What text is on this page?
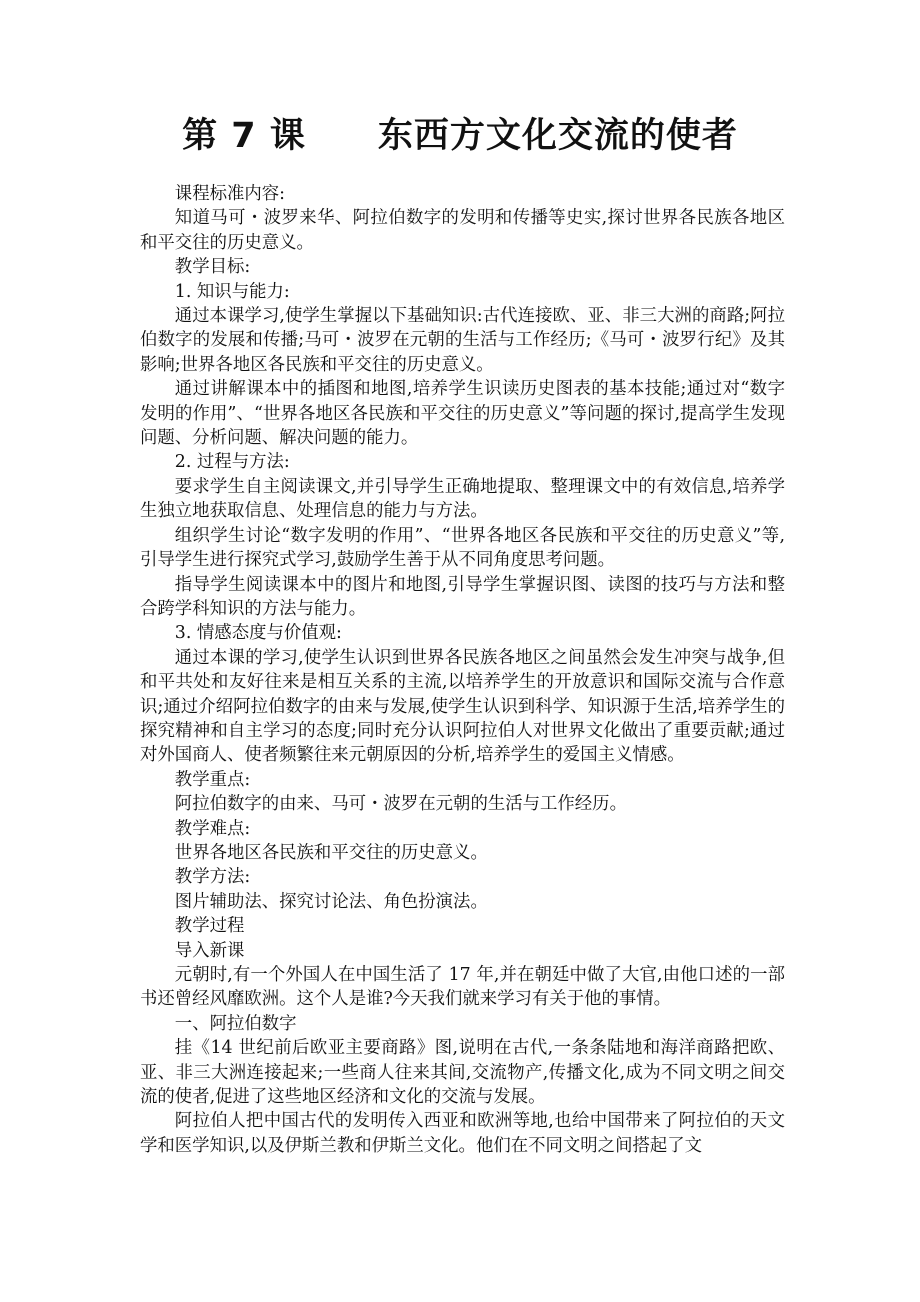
第 7 课　　东西方文化交流的使者

课程标准内容:

知道马可・波罗来华、阿拉伯数字的发明和传播等史实,探讨世界各民族各地区和平交往的历史意义。

教学目标:

1. 知识与能力:

通过本课学习,使学生掌握以下基础知识:古代连接欧、亚、非三大洲的商路;阿拉伯数字的发展和传播;马可・波罗在元朝的生活与工作经历;《马可・波罗行纪》及其影响;世界各地区各民族和平交往的历史意义。

通过讲解课本中的插图和地图,培养学生识读历史图表的基本技能;通过对“数字发明的作用”、“世界各地区各民族和平交往的历史意义”等问题的探讨,提高学生发现问题、分析问题、解决问题的能力。

2. 过程与方法:

要求学生自主阅读课文,并引导学生正确地提取、整理课文中的有效信息,培养学生独立地获取信息、处理信息的能力与方法。

组织学生讨论“数字发明的作用”、“世界各地区各民族和平交往的历史意义”等,引导学生进行探究式学习,鼓励学生善于从不同角度思考问题。

指导学生阅读课本中的图片和地图,引导学生掌握识图、读图的技巧与方法和整合跨学科知识的方法与能力。

3. 情感态度与价值观:

通过本课的学习,使学生认识到世界各民族各地区之间虽然会发生冲突与战争,但和平共处和友好往来是相互关系的主流,以培养学生的开放意识和国际交流与合作意识;通过介绍阿拉伯数字的由来与发展,使学生认识到科学、知识源于生活,培养学生的探究精神和自主学习的态度;同时充分认识阿拉伯人对世界文化做出了重要贡献;通过对外国商人、使者频繁往来元朝原因的分析,培养学生的爱国主义情感。

教学重点:

阿拉伯数字的由来、马可・波罗在元朝的生活与工作经历。

教学难点:

世界各地区各民族和平交往的历史意义。

教学方法:

图片辅助法、探究讨论法、角色扮演法。

教学过程

导入新课

元朝时,有一个外国人在中国生活了 17 年,并在朝廷中做了大官,由他口述的一部书还曾经风靡欧洲。这个人是谁?今天我们就来学习有关于他的事情。

一、阿拉伯数字

挂《14 世纪前后欧亚主要商路》图,说明在古代,一条条陆地和海洋商路把欧、亚、非三大洲连接起来;一些商人往来其间,交流物产,传播文化,成为不同文明之间交流的使者,促进了这些地区经济和文化的交流与发展。

阿拉伯人把中国古代的发明传入西亚和欧洲等地,也给中国带来了阿拉伯的天文学和医学知识,以及伊斯兰教和伊斯兰文化。他们在不同文明之间搭起了文
